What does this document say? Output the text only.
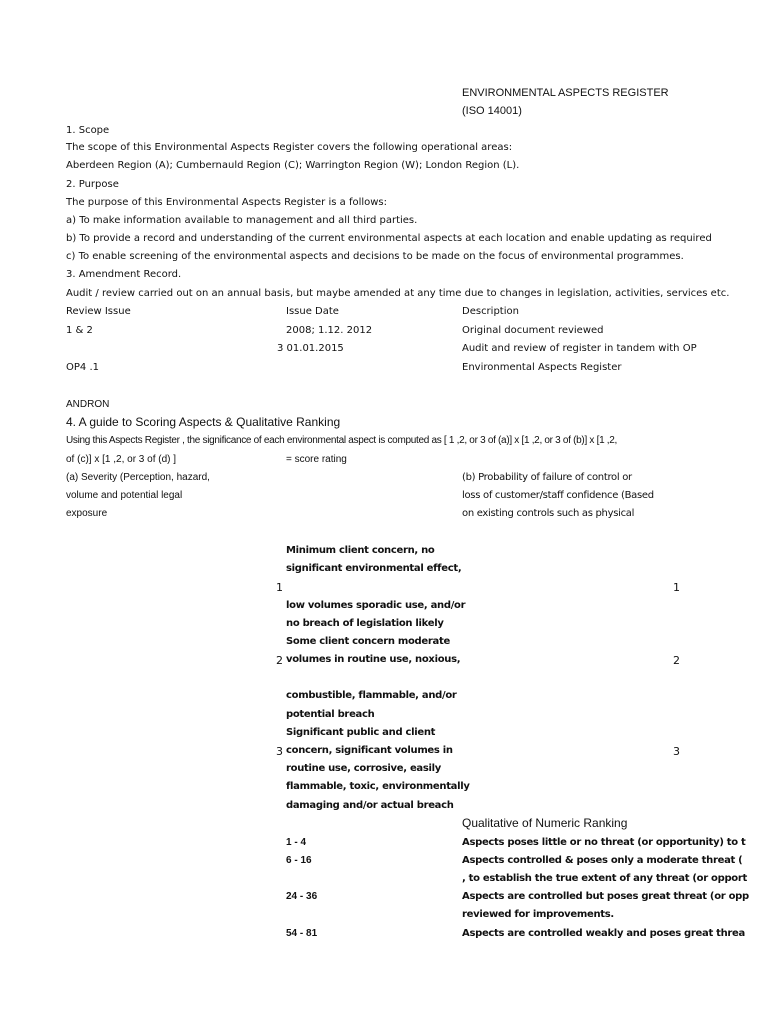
ENVIRONMENTAL ASPECTS REGISTER
(ISO 14001)
1. Scope
The scope of this Environmental Aspects Register covers the following operational areas:
Aberdeen Region (A); Cumbernauld Region (C); Warrington Region (W); London Region (L).
2. Purpose
The purpose of this Environmental Aspects Register is a follows:
a) To make information available to management and all third parties.
b) To provide a record and understanding of the current environmental aspects at each location and enable updating as required
c) To enable screening of the environmental aspects and decisions to be made on the focus of environmental programmes.
3. Amendment Record.
Audit / review carried out on an annual basis, but maybe amended at any time due to changes in legislation, activities, services etc.
Review Issue	Issue Date	Description
1 & 2	2008; 1.12. 2012	Original document reviewed
3 01.01.2015	Audit and review of register in tandem with OP
OP4 .1	Environmental Aspects Register
ANDRON
4. A guide to Scoring Aspects & Qualitative Ranking
Using this Aspects Register , the significance of each environmental aspect is computed as [ 1 ,2, or 3 of (a)] x [1 ,2, or 3 of (b)] x [1 ,2,
of (c)] x [1 ,2, or 3 of (d) ]	= score rating
(a) Severity (Perception, hazard,
volume and potential legal
exposure
(b) Probability of failure of control or
loss of customer/staff confidence (Based
on existing controls such as physical
Minimum client concern, no
significant environmental effect,
1	1
low volumes sporadic use, and/or
no breach of legislation likely
Some client concern moderate
2 volumes in routine use, noxious,	2
combustible, flammable, and/or
potential breach
Significant public and client
3 concern, significant volumes in	3
routine use, corrosive, easily
flammable, toxic, environmentally
damaging and/or actual breach
Qualitative of Numeric Ranking
1 - 4	Aspects poses little or no threat (or opportunity) to t
6 - 16	Aspects controlled & poses only a moderate threat (
, to establish the true extent of any threat (or opport
24 - 36	Aspects are controlled but poses great threat (or opp
reviewed for improvements.
54 - 81	Aspects are controlled weakly and poses great threa
